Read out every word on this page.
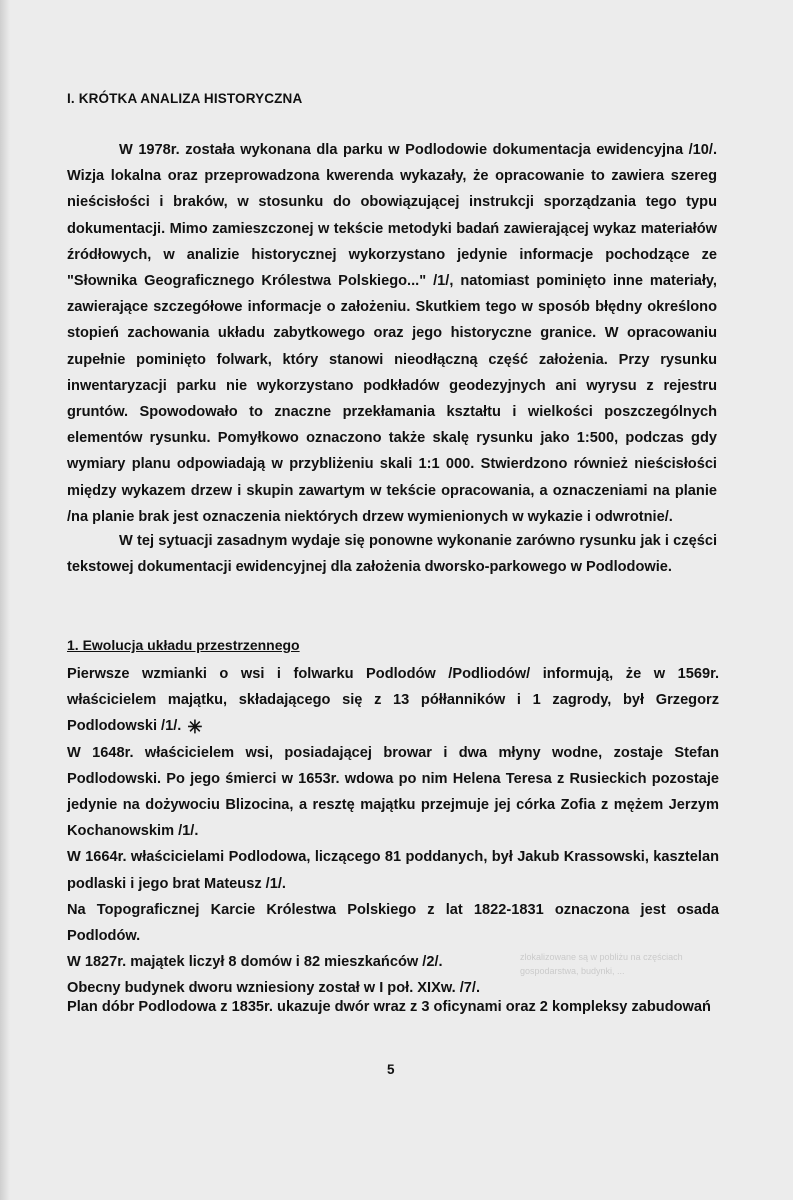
I. KRÓTKA ANALIZA HISTORYCZNA
W 1978r. została wykonana dla parku w Podlodowie dokumentacja ewidencyjna /10/. Wizja lokalna oraz przeprowadzona kwerenda wykazały, że opracowanie to zawiera szereg nieścisłości i braków, w stosunku do obowiązującej instrukcji sporządzania tego typu dokumentacji. Mimo zamieszczonej w tekście metodyki badań zawierającej wykaz materiałów źródłowych, w analizie historycznej wykorzystano jedynie informacje pochodzące ze "Słownika Geograficznego Królestwa Polskiego..." /1/, natomiast pominięto inne materiały, zawierające szczegółowe informacje o założeniu. Skutkiem tego w sposób błędny określono stopień zachowania układu zabytkowego oraz jego historyczne granice. W opracowaniu zupełnie pominięto folwark, który stanowi nieodłączną część założenia. Przy rysunku inwentaryzacji parku nie wykorzystano podkładów geodezyjnych ani wyrysu z rejestru gruntów. Spowodowało to znaczne przekłamania kształtu i wielkości poszczególnych elementów rysunku. Pomyłkowo oznaczono także skalę rysunku jako 1:500, podczas gdy wymiary planu odpowiadają w przybliżeniu skali 1:1 000. Stwierdzono również nieścisłości między wykazem drzew i skupin zawartym w tekście opracowania, a oznaczeniami na planie /na planie brak jest oznaczenia niektórych drzew wymienionych w wykazie i odwrotnie/.
W tej sytuacji zasadnym wydaje się ponowne wykonanie zarówno rysunku jak i części tekstowej dokumentacji ewidencyjnej dla założenia dworsko-parkowego w Podlodowie.
1. Ewolucja układu przestrzennego

Pierwsze wzmianki o wsi i folwarku Podlodów /Podliodów/ informują, że w 1569r. właścicielem majątku, składającego się z 13 półłanników i 1 zagrody, był Grzegorz Podlodowski /1/. ✳

W 1648r. właścicielem wsi, posiadającej browar i dwa młyny wodne, zostaje Stefan Podlodowski. Po jego śmierci w 1653r. wdowa po nim Helena Teresa z Rusieckich pozostaje jedynie na dożywociu Blizocina, a resztę majątku przejmuje jej córka Zofia z mężem Jerzym Kochanowskim /1/.

W 1664r. właścicielami Podlodowa, liczącego 81 poddanych, był Jakub Krassowski, kasztelan podlaski i jego brat Mateusz /1/.

Na Topograficznej Karcie Królestwa Polskiego z lat 1822-1831 oznaczona jest osada Podlodów.

W 1827r. majątek liczył 8 domów i 82 mieszkańców /2/.

Obecny budynek dworu wzniesiony został w I poł. XIXw. /7/.

zlokalizowane są w pobliżu na częściach gospodarstwa, budynki, ...
Plan dóbr Podlodowa z 1835r. ukazuje dwór wraz z 3 oficynami oraz 2 kompleksy zabudowań
5
